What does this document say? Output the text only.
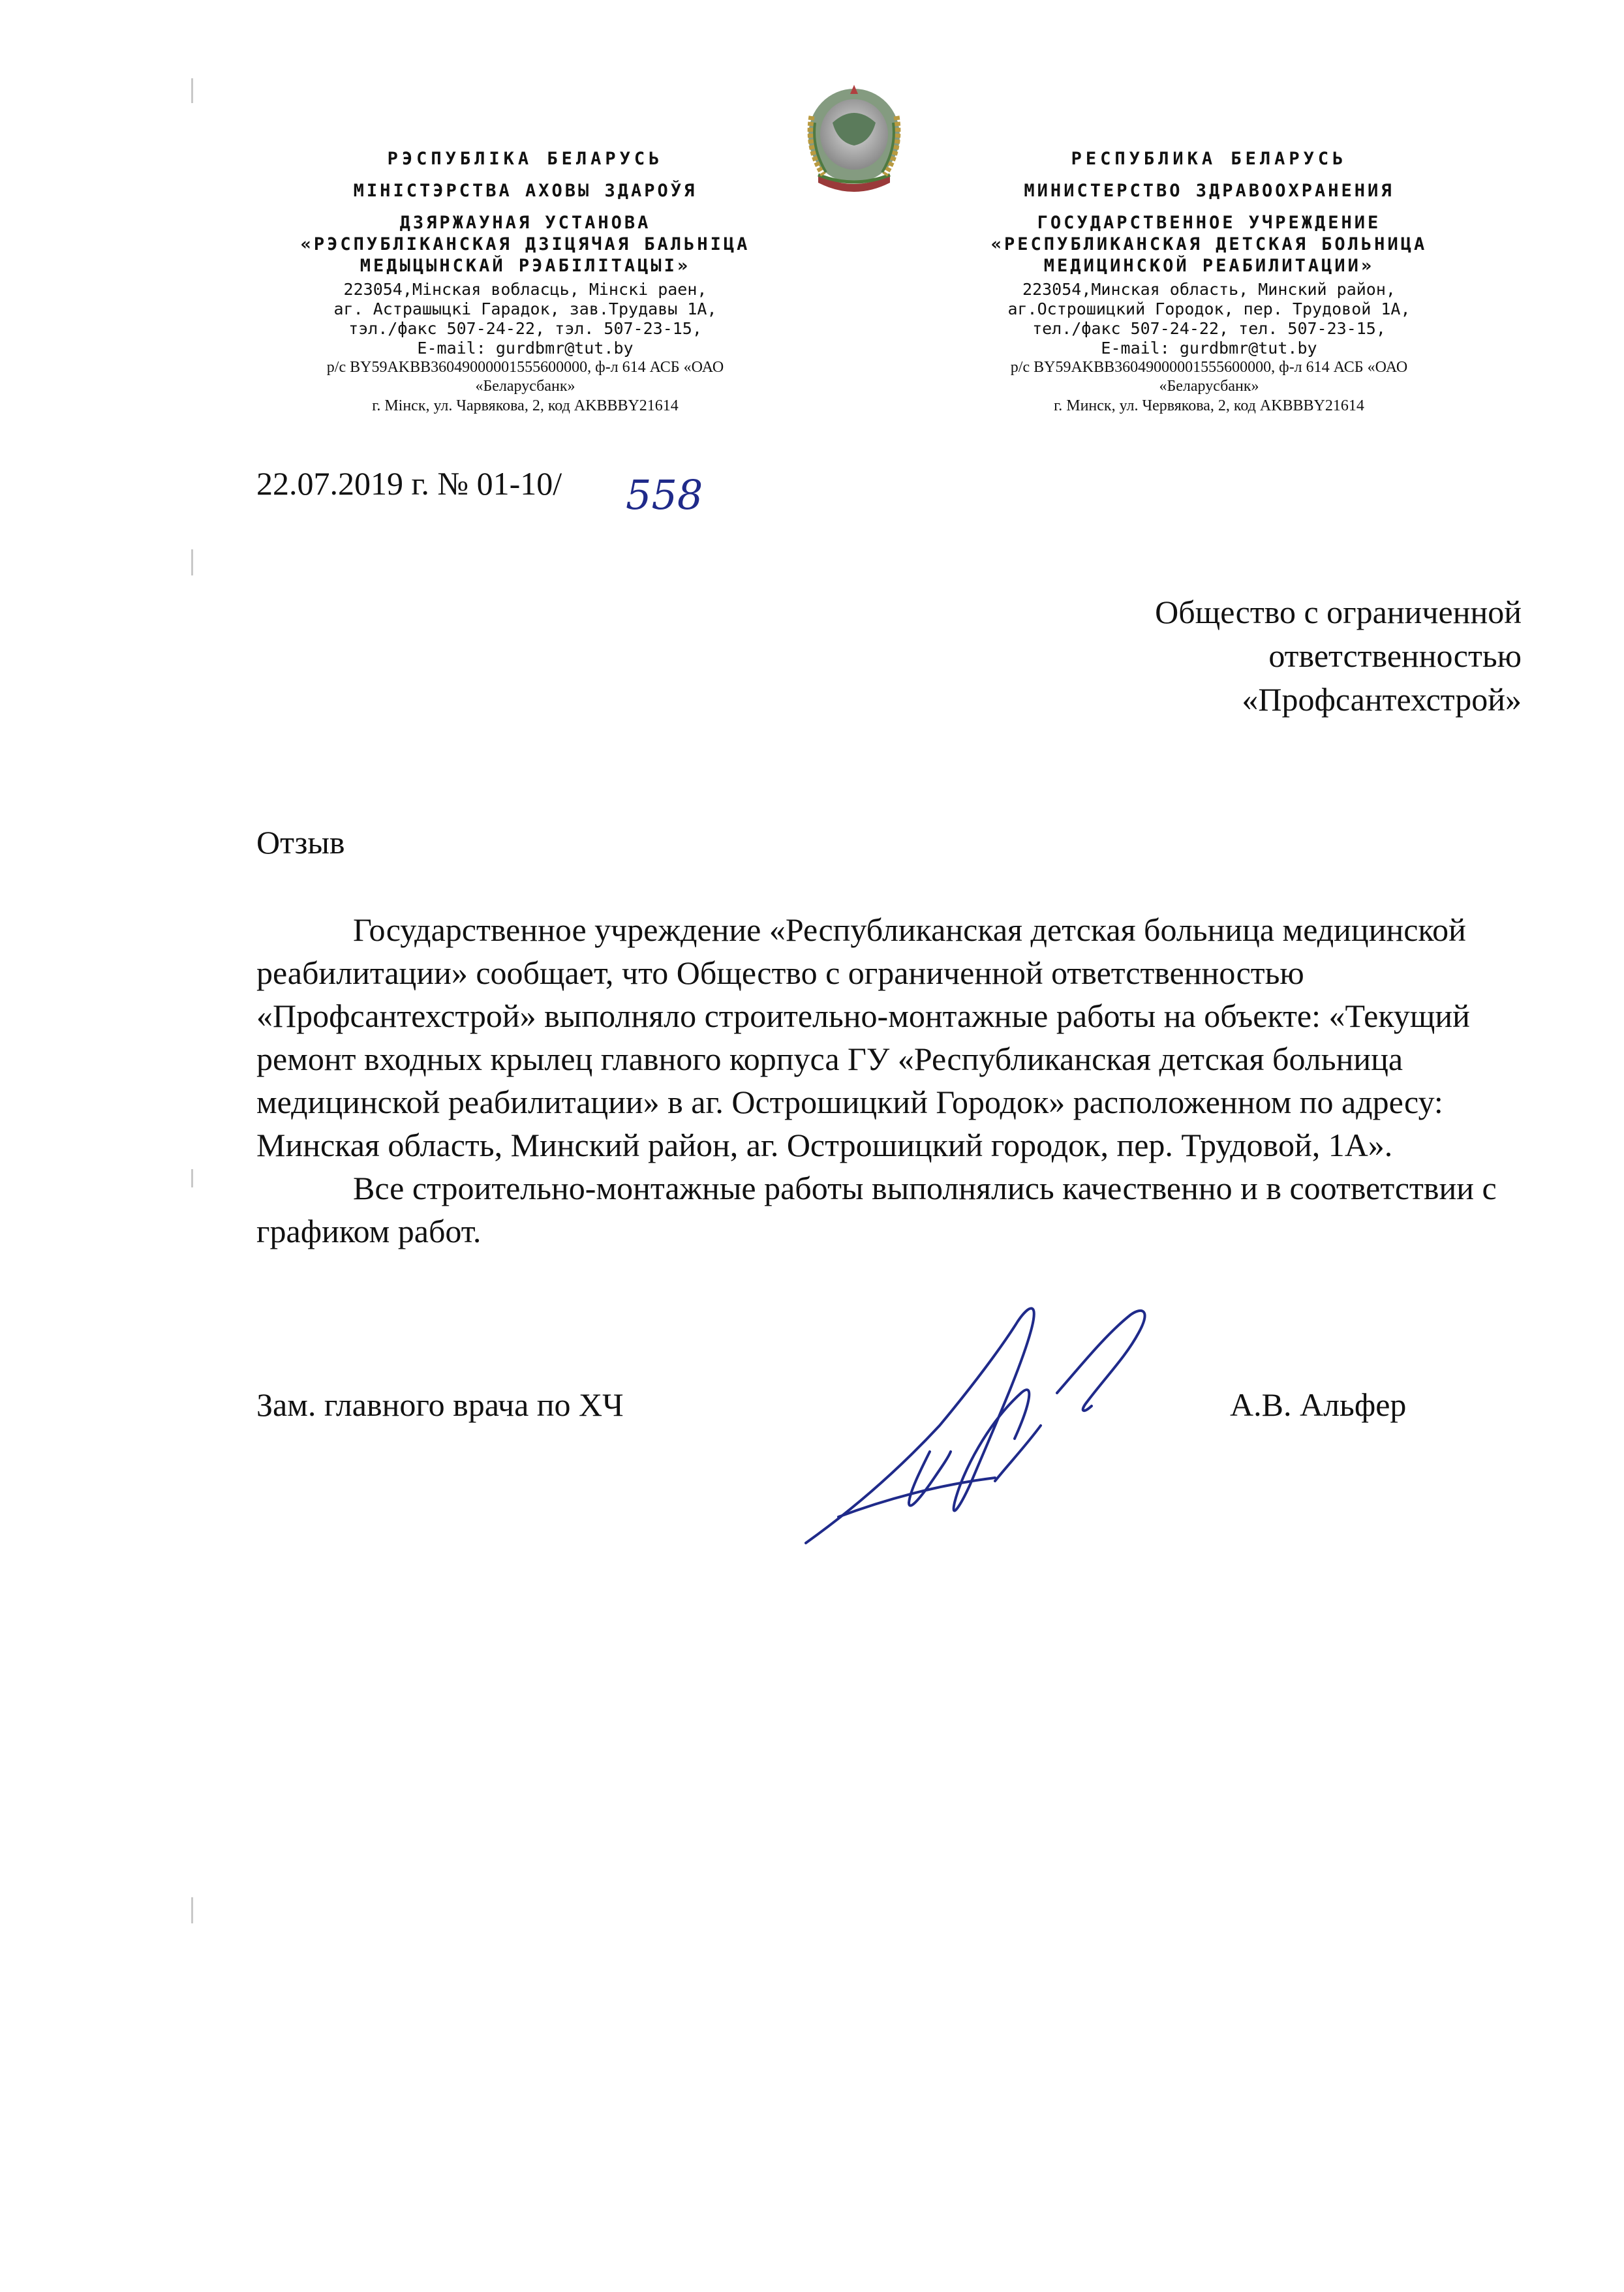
РЭСПУБЛІКА БЕЛАРУСЬ

МІНІСТЭРСТВА АХОВЫ ЗДАРОЎЯ

ДЗЯРЖАУНАЯ УСТАНОВА

«РЭСПУБЛІКАНСКАЯ ДЗІЦЯЧАЯ БАЛЬНІЦА

МЕДЫЦЫНСКАЙ РЭАБІЛІТАЦЫІ»

223054,Мінская вобласць, Мінскі раен,

аг. Астрашыцкі Гарадок, зав.Трудавы 1А,

тэл./факс 507-24-22, тэл. 507-23-15,

E-mail: gurdbmr@tut.by

р/с BY59AKBB36049000001555600000, ф-л 614 АСБ «ОАО

«Беларусбанк»

г. Мінск, ул. Чарвякова, 2, код AKBBBY21614

РЕСПУБЛИКА БЕЛАРУСЬ

МИНИСТЕРСТВО ЗДРАВООХРАНЕНИЯ

ГОСУДАРСТВЕННОЕ УЧРЕЖДЕНИЕ

«РЕСПУБЛИКАНСКАЯ ДЕТСКАЯ БОЛЬНИЦА

МЕДИЦИНСКОЙ РЕАБИЛИТАЦИИ»

223054,Минская область, Минский район,

аг.Острошицкий Городок, пер. Трудовой 1А,

тел./факс 507-24-22, тел. 507-23-15,

E-mail: gurdbmr@tut.by

р/с BY59AKBB36049000001555600000, ф-л 614 АСБ «ОАО

«Беларусбанк»

г. Минск, ул. Червякова, 2, код AKBBBY21614

22.07.2019 г. № 01-10/ 558
Общество с ограниченной
ответственностью
«Профсантехстрой»
Отзыв

Государственное учреждение «Республиканская детская больница медицинской реабилитации» сообщает, что Общество с ограниченной ответственностью «Профсантехстрой» выполняло строительно-монтажные работы на объекте: «Текущий ремонт входных крылец главного корпуса ГУ «Республиканская детская больница медицинской реабилитации» в аг. Острошицкий Городок» расположенном по адресу: Минская область, Минский район, аг. Острошицкий городок, пер. Трудовой, 1А».

Все строительно-монтажные работы выполнялись качественно и в соответствии с графиком работ.

Зам. главного врача по ХЧ	А.В. Альфер
